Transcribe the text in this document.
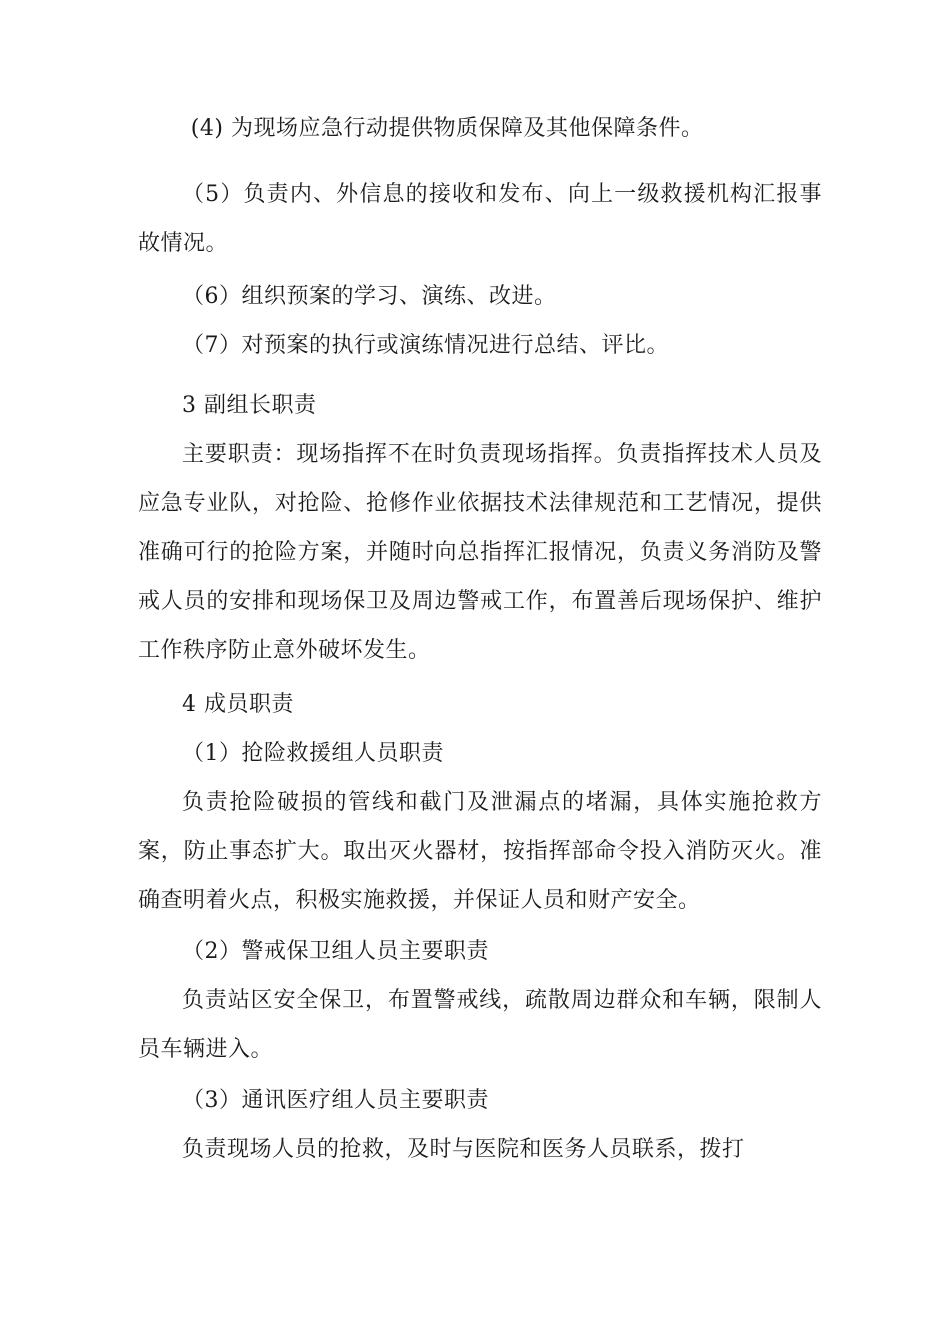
(4) 为现场应急行动提供物质保障及其他保障条件。

（5）负责内、外信息的接收和发布、向上一级救援机构汇报事故情况。

（6）组织预案的学习、演练、改进。

（7）对预案的执行或演练情况进行总结、评比。

3 副组长职责

主要职责：现场指挥不在时负责现场指挥。负责指挥技术人员及应急专业队，对抢险、抢修作业依据技术法律规范和工艺情况，提供准确可行的抢险方案，并随时向总指挥汇报情况，负责义务消防及警戒人员的安排和现场保卫及周边警戒工作，布置善后现场保护、维护工作秩序防止意外破坏发生。

4 成员职责

（1）抢险救援组人员职责

负责抢险破损的管线和截门及泄漏点的堵漏，具体实施抢救方案，防止事态扩大。取出灭火器材，按指挥部命令投入消防灭火。准确查明着火点，积极实施救援，并保证人员和财产安全。

（2）警戒保卫组人员主要职责

负责站区安全保卫，布置警戒线，疏散周边群众和车辆，限制人员车辆进入。

（3）通讯医疗组人员主要职责

负责现场人员的抢救，及时与医院和医务人员联系，拨打
